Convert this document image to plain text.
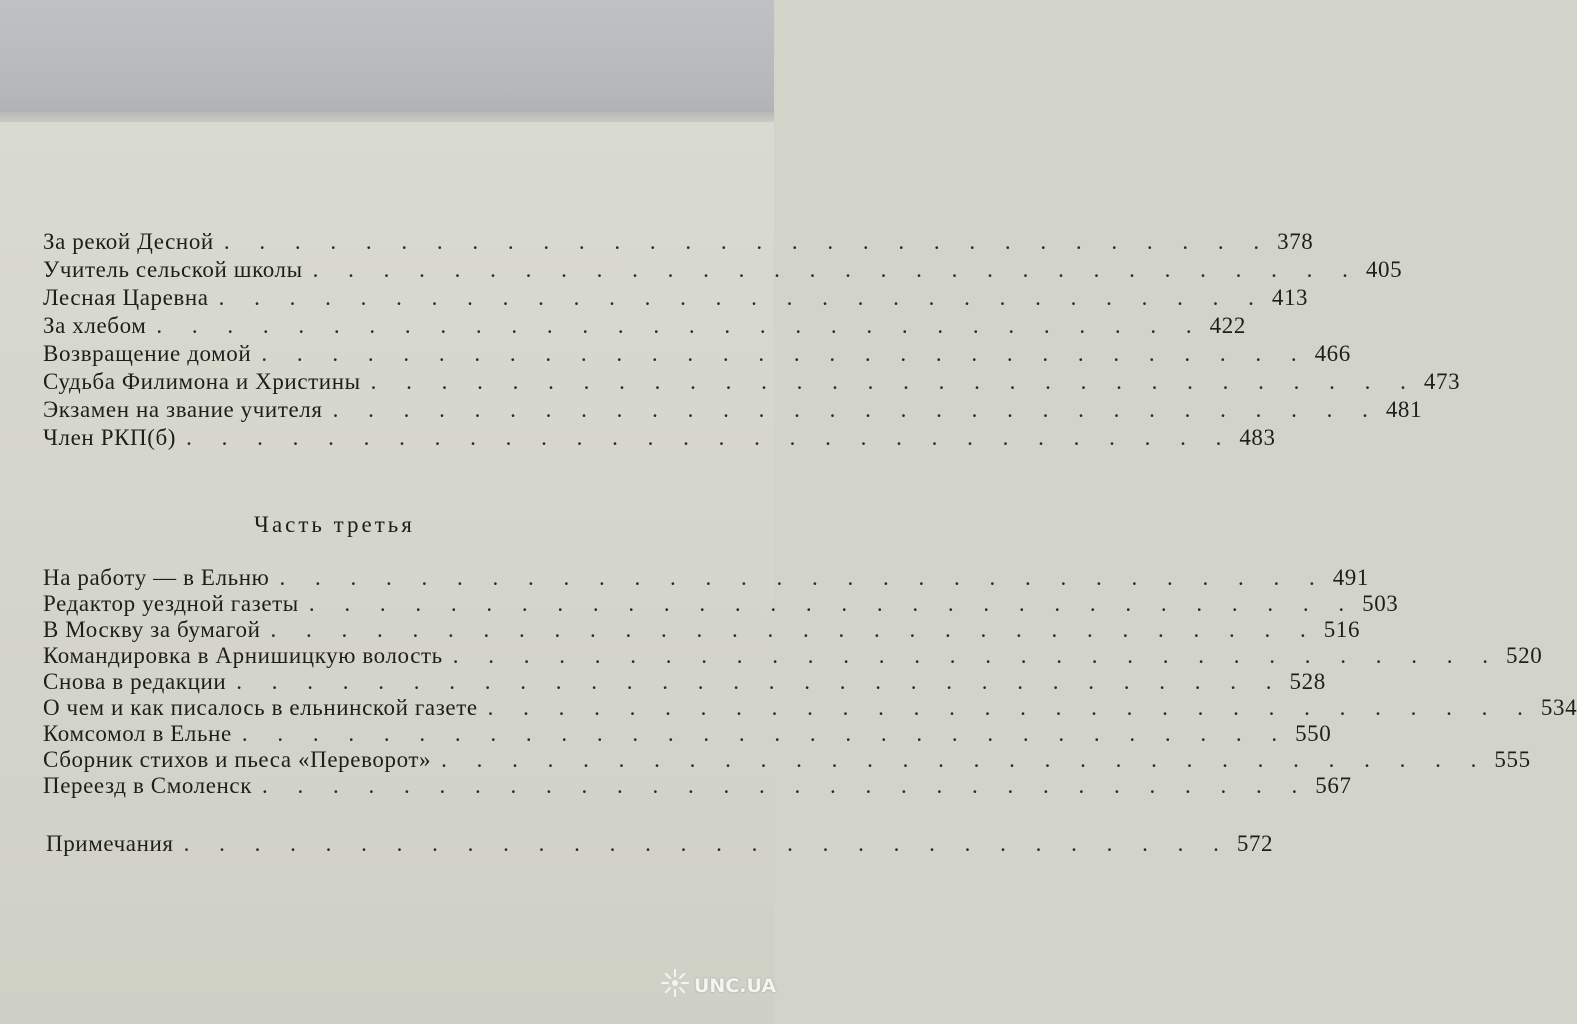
За рекой Десной . . . . . . . . . . . . . . . . . . . . . . . . . . . . . . 378
Учитель сельской школы . . . . . . . . . . . . . . . . . . . . . . . . . . . . . . 405
Лесная Царевна . . . . . . . . . . . . . . . . . . . . . . . . . . . . . . 413
За хлебом . . . . . . . . . . . . . . . . . . . . . . . . . . . . . . 422
Возвращение домой . . . . . . . . . . . . . . . . . . . . . . . . . . . . . . 466
Судьба Филимона и Христины . . . . . . . . . . . . . . . . . . . . . . . . . . . . . . 473
Экзамен на звание учителя . . . . . . . . . . . . . . . . . . . . . . . . . . . . . . 481
Член РКП(б) . . . . . . . . . . . . . . . . . . . . . . . . . . . . . . 483
Часть третья
На работу — в Ельню . . . . . . . . . . . . . . . . . . . . . . . . . . . . . . 491
Редактор уездной газеты . . . . . . . . . . . . . . . . . . . . . . . . . . . . . . 503
В Москву за бумагой . . . . . . . . . . . . . . . . . . . . . . . . . . . . . . 516
Командировка в Арнишицкую волость . . . . . . . . . . . . . . . . . . . . . . . . . . . . . . 520
Снова в редакции . . . . . . . . . . . . . . . . . . . . . . . . . . . . . . 528
О чем и как писалось в ельнинской газете . . . . . . . . . . . . . . . . . . . . . . . . . . . . . . 534
Комсомол в Ельне . . . . . . . . . . . . . . . . . . . . . . . . . . . . . . 550
Сборник стихов и пьеса «Переворот» . . . . . . . . . . . . . . . . . . . . . . . . . . . . . . 555
Переезд в Смоленск . . . . . . . . . . . . . . . . . . . . . . . . . . . . . . 567
Примечания . . . . . . . . . . . . . . . . . . . . . . . . . . . . . . 572
UNC.UA
